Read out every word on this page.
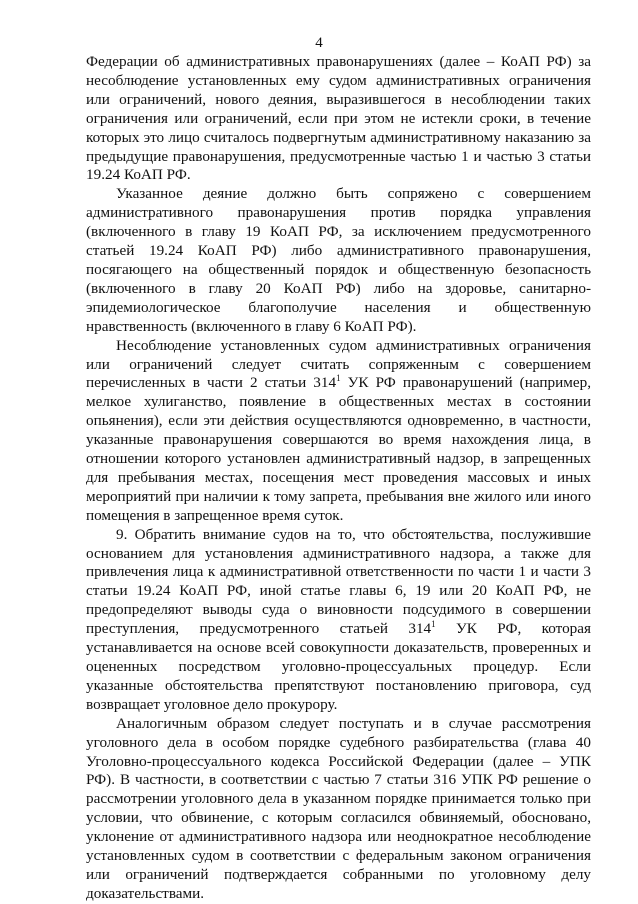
4

Федерации об административных правонарушениях (далее – КоАП РФ) за несоблюдение установленных ему судом административных ограничения или ограничений, нового деяния, выразившегося в несоблюдении таких ограничения или ограничений, если при этом не истекли сроки, в течение которых это лицо считалось подвергнутым административному наказанию за предыдущие правонарушения, предусмотренные частью 1 и частью 3 статьи 19.24 КоАП РФ.

Указанное деяние должно быть сопряжено с совершением административного правонарушения против порядка управления (включенного в главу 19 КоАП РФ, за исключением предусмотренного статьей 19.24 КоАП РФ) либо административного правонарушения, посягающего на общественный порядок и общественную безопасность (включенного в главу 20 КоАП РФ) либо на здоровье, санитарно-эпидемиологическое благополучие населения и общественную нравственность (включенного в главу 6 КоАП РФ).

Несоблюдение установленных судом административных ограничения или ограничений следует считать сопряженным с совершением перечисленных в части 2 статьи $314^1$ УК РФ правонарушений (например, мелкое хулиганство, появление в общественных местах в состоянии опьянения), если эти действия осуществляются одновременно, в частности, указанные правонарушения совершаются во время нахождения лица, в отношении которого установлен административный надзор, в запрещенных для пребывания местах, посещения мест проведения массовых и иных мероприятий при наличии к тому запрета, пребывания вне жилого или иного помещения в запрещенное время суток.

9. Обратить внимание судов на то, что обстоятельства, послужившие основанием для установления административного надзора, а также для привлечения лица к административной ответственности по части 1 и части 3 статьи 19.24 КоАП РФ, иной статье главы 6, 19 или 20 КоАП РФ, не предопределяют выводы суда о виновности подсудимого в совершении преступления, предусмотренного статьей $314^1$ УК РФ, которая устанавливается на основе всей совокупности доказательств, проверенных и оцененных посредством уголовно-процессуальных процедур. Если указанные обстоятельства препятствуют постановлению приговора, суд возвращает уголовное дело прокурору.

Аналогичным образом следует поступать и в случае рассмотрения уголовного дела в особом порядке судебного разбирательства (глава 40 Уголовно-процессуального кодекса Российской Федерации (далее – УПК РФ). В частности, в соответствии с частью 7 статьи 316 УПК РФ решение о рассмотрении уголовного дела в указанном порядке принимается только при условии, что обвинение, с которым согласился обвиняемый, обосновано, уклонение от административного надзора или неоднократное несоблюдение установленных судом в соответствии с федеральным законом ограничения или ограничений подтверждается собранными по уголовному делу доказательствами.
